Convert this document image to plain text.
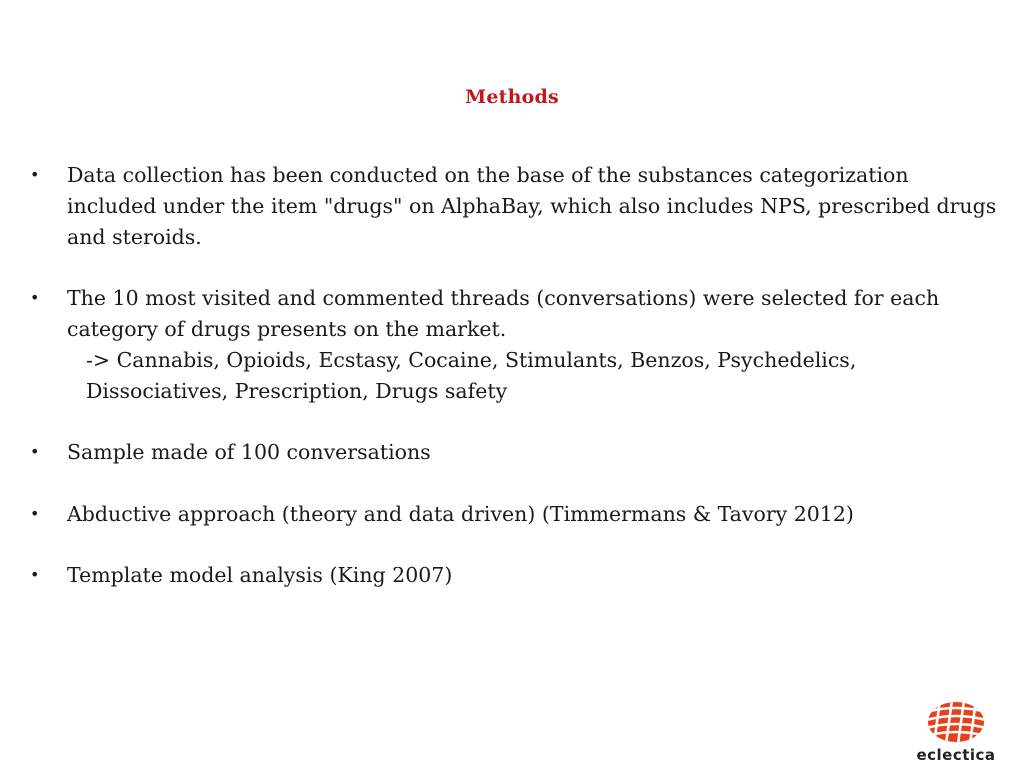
Methods
•	Data collection has been conducted on the base of the substances categorization included under the item "drugs" on AlphaBay, which also includes NPS, prescribed drugs and steroids.
•	The 10 most visited and commented threads (conversations) were selected for each category of drugs presents on the market.
-> Cannabis, Opioids, Ecstasy, Cocaine, Stimulants, Benzos, Psychedelics, Dissociatives, Prescription, Drugs safety
•	Sample made of 100 conversations
•	Abductive approach (theory and data driven) (Timmermans & Tavory 2012)
•	Template model analysis (King 2007)
eclectica
